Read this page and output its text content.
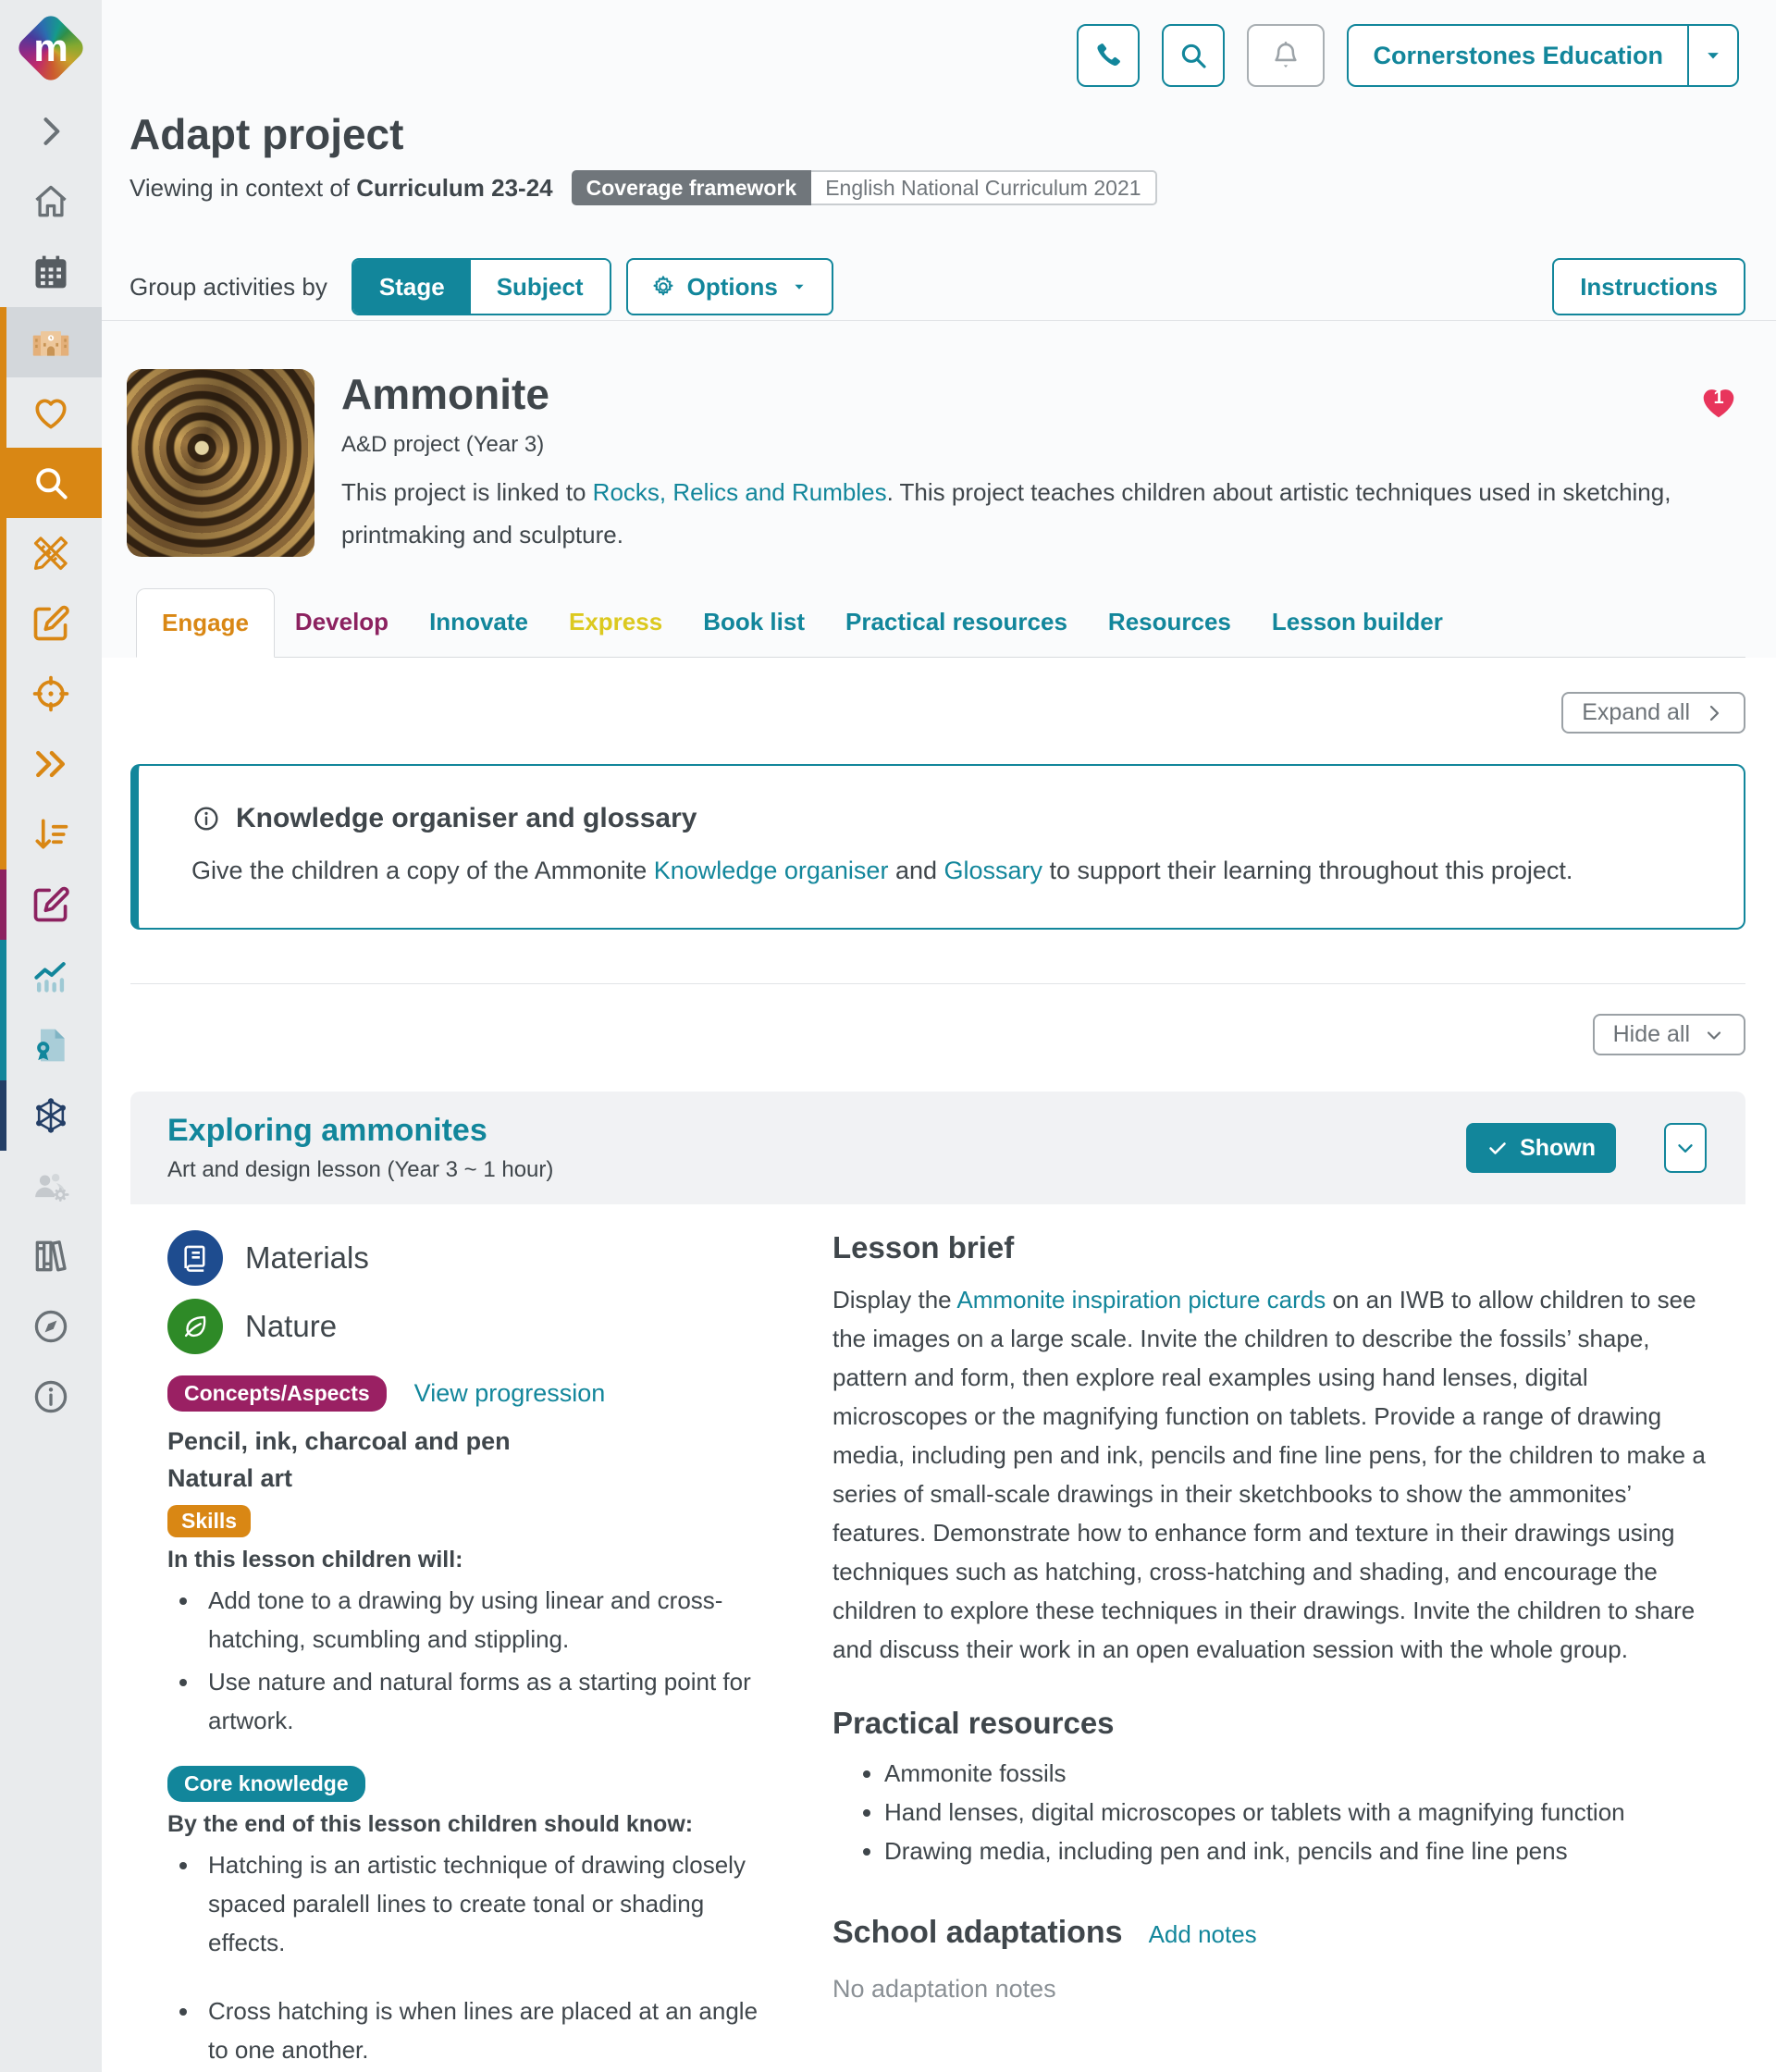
m	Cornerstones Education
Adapt project
Viewing in context of Curriculum 23-24	Coverage framework	English National Curriculum 2021
Group activities by	Stage	Subject	Options	Instructions
Ammonite
A&D project (Year 3)

This project is linked to Rocks, Relics and Rumbles. This project teaches children about artistic techniques used in sketching, printmaking and sculpture.

1
Engage	Develop	Innovate	Express	Book list	Practical resources	Resources	Lesson builder
Expand all
Knowledge organiser and glossary

Give the children a copy of the Ammonite Knowledge organiser and Glossary to support their learning throughout this project.

Hide all
Exploring ammonites
Art and design lesson (Year 3 ~ 1 hour)
Shown
Materials
Nature
Concepts/Aspects	View progression
Pencil, ink, charcoal and pen
Natural art
Skills
In this lesson children will:
• Add tone to a drawing by using linear and cross-hatching, scumbling and stippling.
• Use nature and natural forms as a starting point for artwork.
Core knowledge
By the end of this lesson children should know:
• Hatching is an artistic technique of drawing closely spaced paralell lines to create tonal or shading effects.
• Cross hatching is when lines are placed at an angle to one another.
Lesson brief

Display the Ammonite inspiration picture cards on an IWB to allow children to see the images on a large scale. Invite the children to describe the fossils’ shape, pattern and form, then explore real examples using hand lenses, digital microscopes or the magnifying function on tablets. Provide a range of drawing media, including pen and ink, pencils and fine line pens, for the children to make a series of small-scale drawings in their sketchbooks to show the ammonites’ features. Demonstrate how to enhance form and texture in their drawings using techniques such as hatching, cross-hatching and shading, and encourage the children to explore these techniques in their drawings. Invite the children to share and discuss their work in an open evaluation session with the whole group.

Practical resources
• Ammonite fossils
• Hand lenses, digital microscopes or tablets with a magnifying function
• Drawing media, including pen and ink, pencils and fine line pens
School adaptations Add notes
No adaptation notes
